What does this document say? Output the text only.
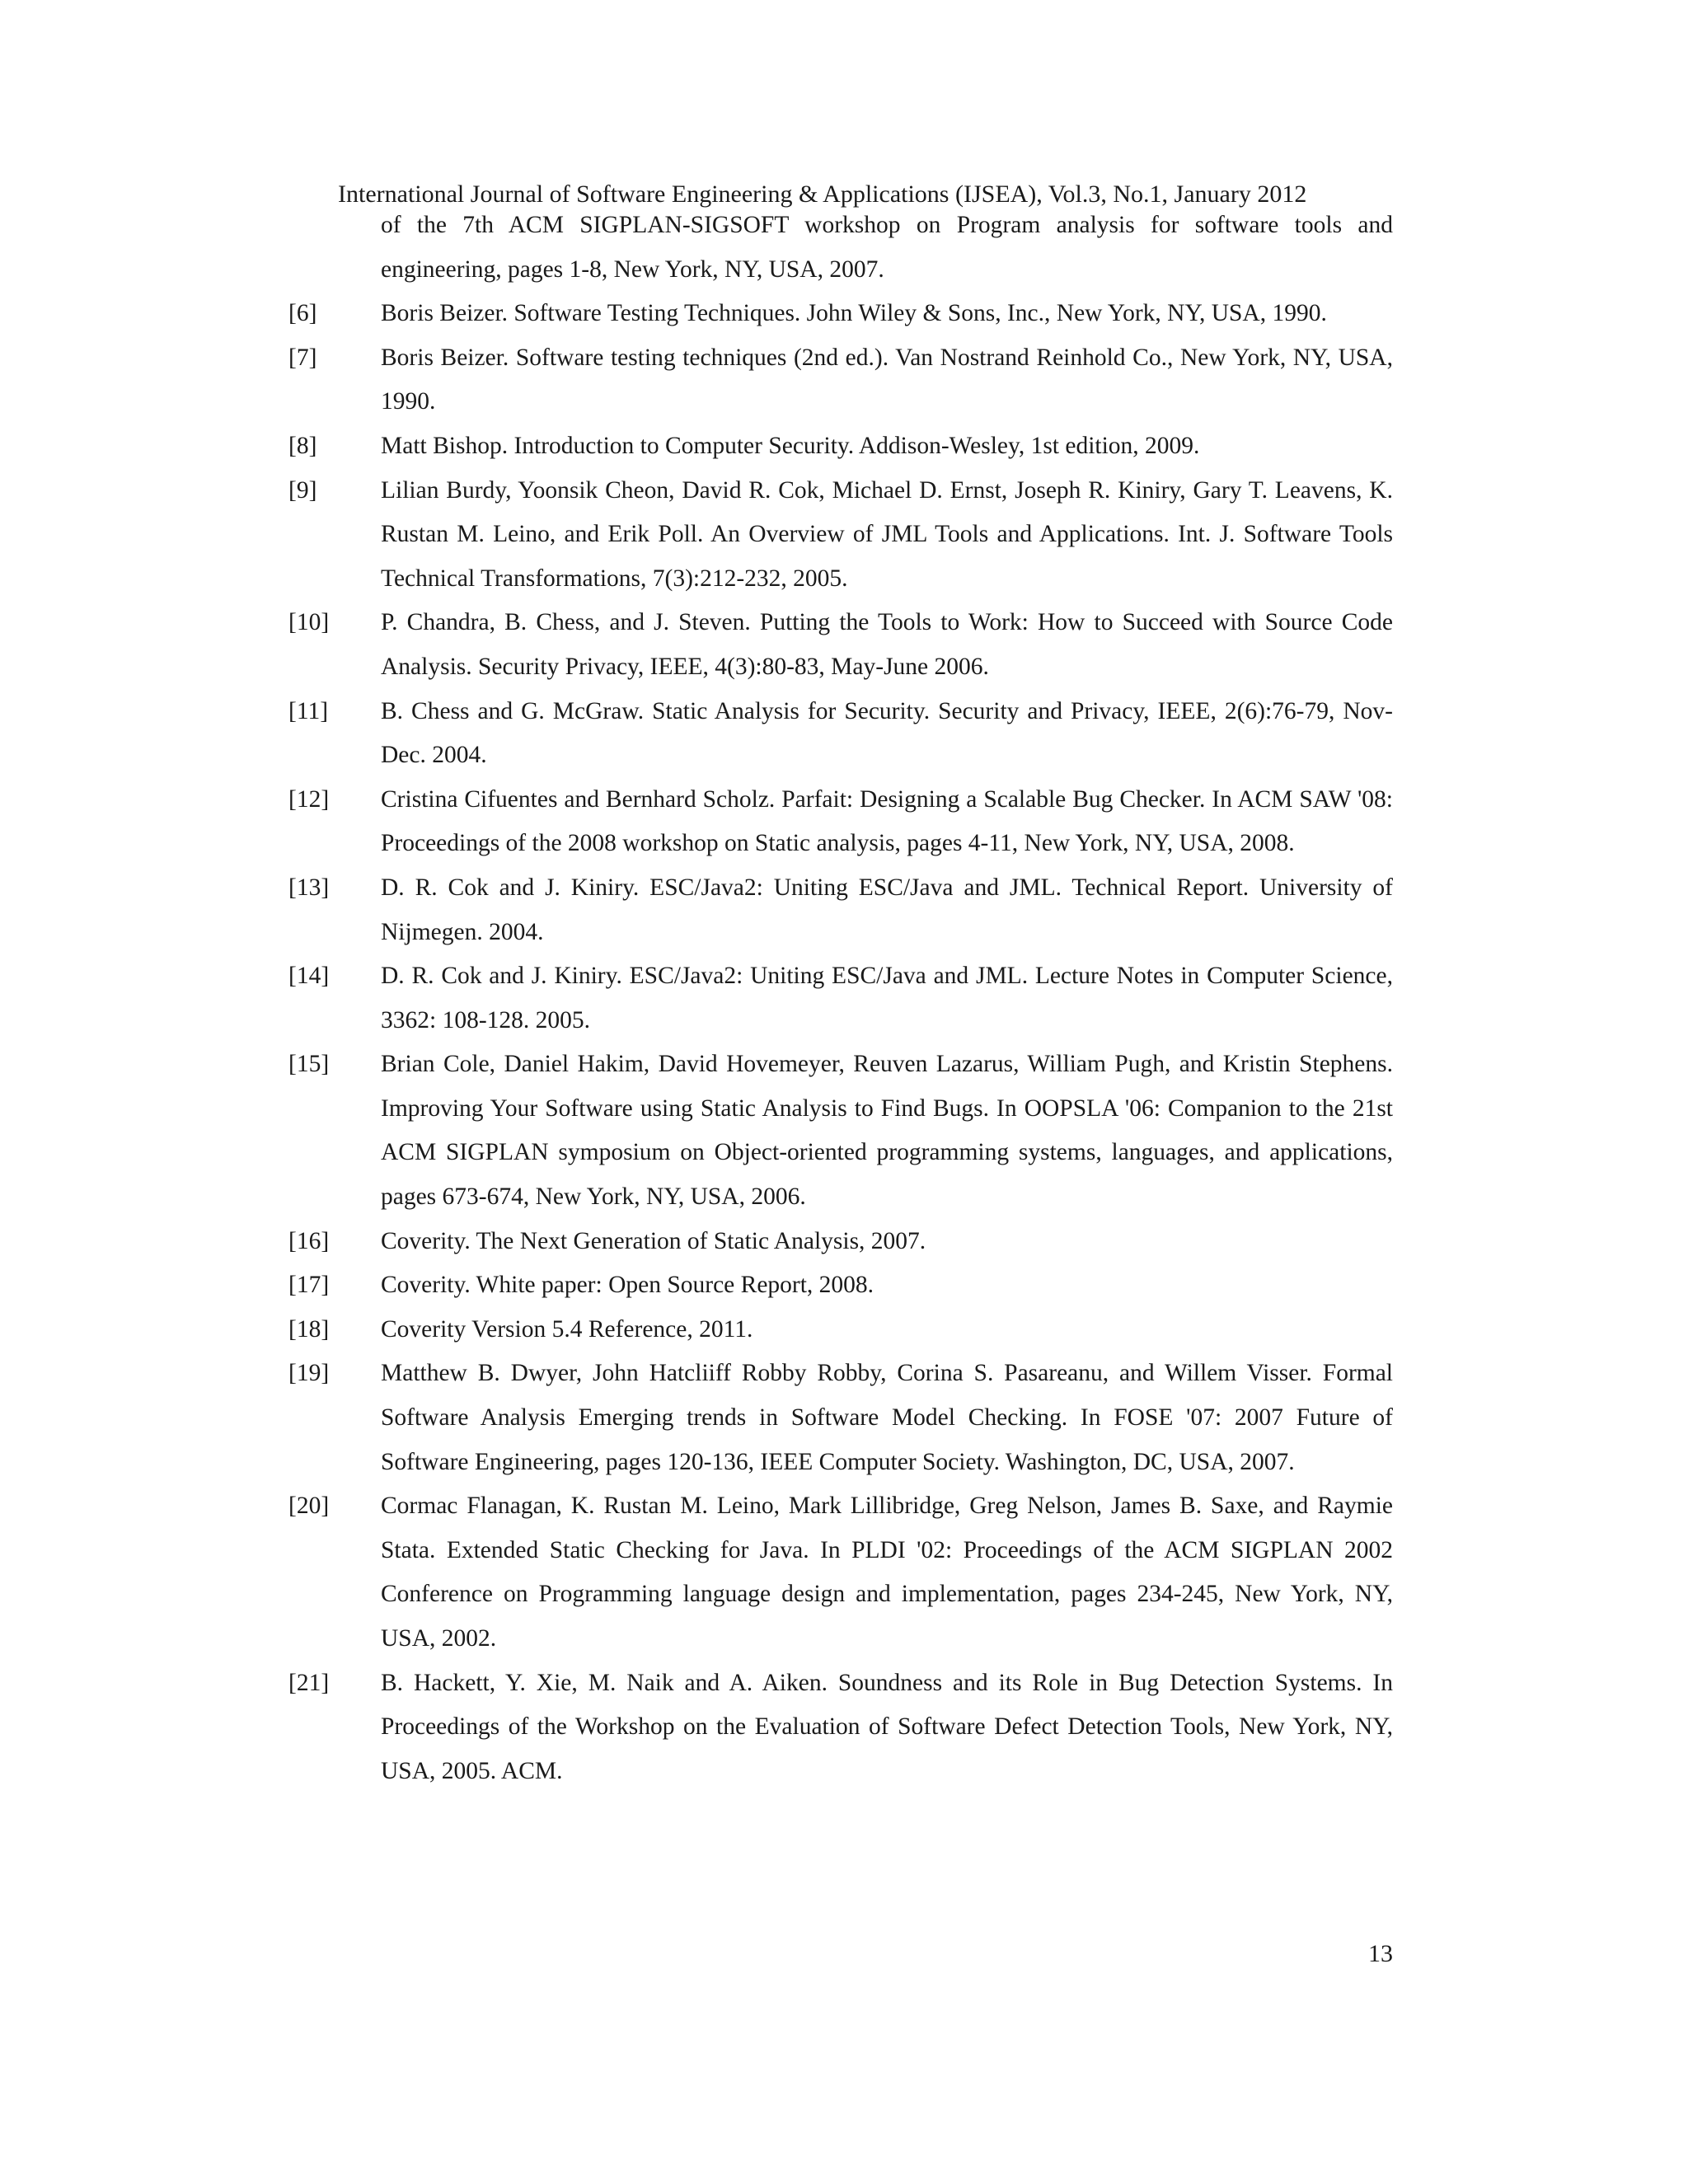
International Journal of Software Engineering & Applications (IJSEA), Vol.3, No.1, January 2012
of the 7th ACM SIGPLAN-SIGSOFT workshop on Program analysis for software tools and engineering, pages 1-8, New York, NY, USA, 2007.
[6]	Boris Beizer. Software Testing Techniques. John Wiley & Sons, Inc., New York, NY, USA, 1990.
[7]	Boris Beizer. Software testing techniques (2nd ed.). Van Nostrand Reinhold Co., New York, NY, USA, 1990.
[8]	Matt Bishop. Introduction to Computer Security. Addison-Wesley, 1st edition, 2009.
[9]	Lilian Burdy, Yoonsik Cheon, David R. Cok, Michael D. Ernst, Joseph R. Kiniry, Gary T. Leavens, K. Rustan M. Leino, and Erik Poll. An Overview of JML Tools and Applications. Int. J. Software Tools Technical Transformations, 7(3):212-232, 2005.
[10] P. Chandra, B. Chess, and J. Steven. Putting the Tools to Work: How to Succeed with Source Code Analysis. Security Privacy, IEEE, 4(3):80-83, May-June 2006.
[11] B. Chess and G. McGraw. Static Analysis for Security. Security and Privacy, IEEE, 2(6):76-79, Nov-Dec. 2004.
[12] Cristina Cifuentes and Bernhard Scholz. Parfait: Designing a Scalable Bug Checker. In ACM SAW '08: Proceedings of the 2008 workshop on Static analysis, pages 4-11, New York, NY, USA, 2008.
[13] D. R. Cok and J. Kiniry. ESC/Java2: Uniting ESC/Java and JML. Technical Report. University of Nijmegen. 2004.
[14] D. R. Cok and J. Kiniry. ESC/Java2: Uniting ESC/Java and JML. Lecture Notes in Computer Science, 3362: 108-128. 2005.
[15] Brian Cole, Daniel Hakim, David Hovemeyer, Reuven Lazarus, William Pugh, and Kristin Stephens. Improving Your Software using Static Analysis to Find Bugs. In OOPSLA '06: Companion to the 21st ACM SIGPLAN symposium on Object-oriented programming systems, languages, and applications, pages 673-674, New York, NY, USA, 2006.
[16] Coverity. The Next Generation of Static Analysis, 2007.
[17] Coverity. White paper: Open Source Report, 2008.
[18] Coverity Version 5.4 Reference, 2011.
[19] Matthew B. Dwyer, John Hatcliiff Robby Robby, Corina S. Pasareanu, and Willem Visser. Formal Software Analysis Emerging trends in Software Model Checking. In FOSE '07: 2007 Future of Software Engineering, pages 120-136, IEEE Computer Society. Washington, DC, USA, 2007.
[20] Cormac Flanagan, K. Rustan M. Leino, Mark Lillibridge, Greg Nelson, James B. Saxe, and Raymie Stata. Extended Static Checking for Java. In PLDI '02: Proceedings of the ACM SIGPLAN 2002 Conference on Programming language design and implementation, pages 234-245, New York, NY, USA, 2002.
[21] B. Hackett, Y. Xie, M. Naik and A. Aiken. Soundness and its Role in Bug Detection Systems. In Proceedings of the Workshop on the Evaluation of Software Defect Detection Tools, New York, NY, USA, 2005. ACM.
13
